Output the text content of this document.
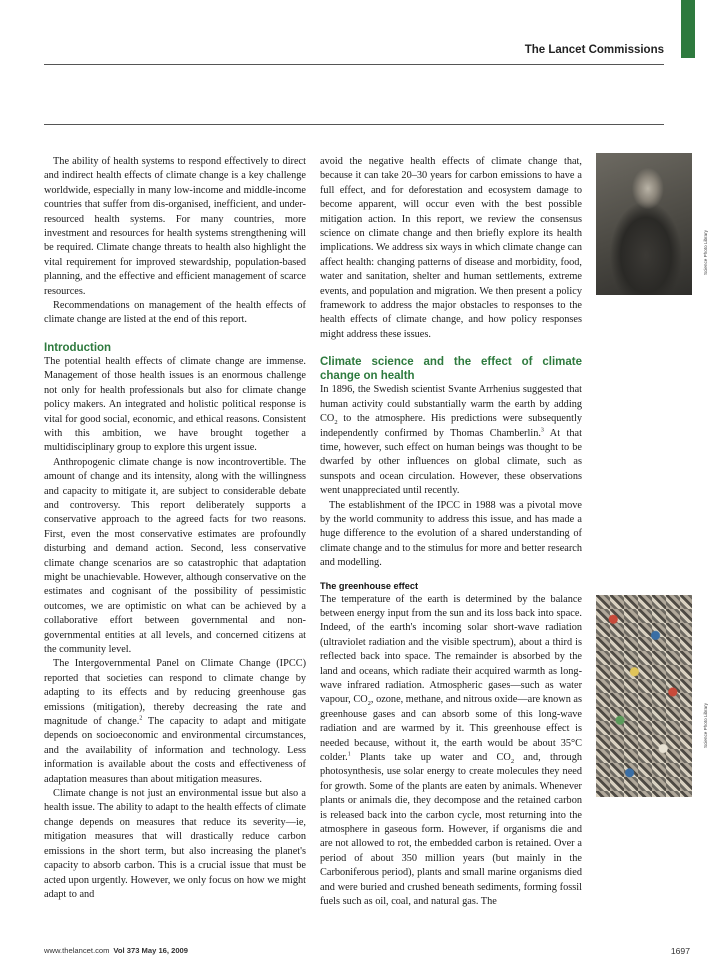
The Lancet Commissions

The ability of health systems to respond effectively to direct and indirect health effects of climate change is a key challenge worldwide, especially in many low-income and middle-income countries that suffer from dis-organised, inefficient, and under-resourced health systems. For many countries, more investment and resources for health systems strengthening will be required. Climate change threats to health also highlight the vital requirement for improved stewardship, population-based planning, and the effective and efficient management of scarce resources.

Recommendations on management of the health effects of climate change are listed at the end of this report.

Introduction

The potential health effects of climate change are immense. Management of those health issues is an enormous challenge not only for health professionals but also for climate change policy makers. An integrated and holistic political response is vital for good social, economic, and ethical reasons. Consistent with this ambition, we have brought together a multidisciplinary group to explore this urgent issue.

Anthropogenic climate change is now incontrovertible. The amount of change and its intensity, along with the willingness and capacity to mitigate it, are subject to considerable debate and controversy. This report deliberately supports a conservative approach to the agreed facts for two reasons. First, even the most conservative estimates are profoundly disturbing and demand action. Second, less conservative climate change scenarios are so catastrophic that adaptation might be unachievable. However, although conservative on the estimates and cognisant of the possibility of pessimistic outcomes, we are optimistic on what can be achieved by a collaborative effort between governmental and non-governmental entities at all levels, and concerned citizens at the community level.

The Intergovernmental Panel on Climate Change (IPCC) reported that societies can respond to climate change by adapting to its effects and by reducing greenhouse gas emissions (mitigation), thereby decreasing the rate and magnitude of change.$^2$ The capacity to adapt and mitigate depends on socioeconomic and environmental circumstances, and the availability of information and technology. Less information is available about the costs and effectiveness of adaptation measures than about mitigation measures.

Climate change is not just an environmental issue but also a health issue. The ability to adapt to the health effects of climate change depends on measures that reduce its severity—ie, mitigation measures that will drastically reduce carbon emissions in the short term, but also increasing the planet's capacity to absorb carbon. This is a crucial issue that must be acted upon urgently. However, we only focus on how we might adapt to and

avoid the negative health effects of climate change that, because it can take 20–30 years for carbon emissions to have a full effect, and for deforestation and ecosystem damage to become apparent, will occur even with the best possible mitigation action. In this report, we review the consensus science on climate change and then briefly explore its health implications. We address six ways in which climate change can affect health: changing patterns of disease and morbidity, food, water and sanitation, shelter and human settlements, extreme events, and population and migration. We then present a policy framework to address the major obstacles to responses to the health effects of climate change, and how policy responses might address these issues.

Climate science and the effect of climate change on health

In 1896, the Swedish scientist Svante Arrhenius suggested that human activity could substantially warm the earth by adding $CO_2$ to the atmosphere. His predictions were subsequently independently confirmed by Thomas Chamberlin.$^3$ At that time, however, such effect on human beings was thought to be dwarfed by other influences on global climate, such as sunspots and ocean circulation. However, these observations went unappreciated until recently.

The establishment of the IPCC in 1988 was a pivotal move by the world community to address this issue, and has made a huge difference to the evolution of a shared understanding of climate change and to the stimulus for more and better research and modelling.

The greenhouse effect

The temperature of the earth is determined by the balance between energy input from the sun and its loss back into space. Indeed, of the earth's incoming solar short-wave radiation (ultraviolet radiation and the visible spectrum), about a third is reflected back into space. The remainder is absorbed by the land and oceans, which radiate their acquired warmth as long-wave infrared radiation. Atmospheric gases—such as water vapour, $CO_2$, ozone, methane, and nitrous oxide—are known as greenhouse gases and can absorb some of this long-wave radiation and are warmed by it. This greenhouse effect is needed because, without it, the earth would be about 35°C colder.$^1$ Plants take up water and $CO_2$ and, through photosynthesis, use solar energy to create molecules they need for growth. Some of the plants are eaten by animals. Whenever plants or animals die, they decompose and the retained carbon is released back into the carbon cycle, most returning into the atmosphere in gaseous form. However, if organisms die and are not allowed to rot, the embedded carbon is retained. Over a period of about 350 million years (but mainly in the Carboniferous period), plants and small marine organisms died and were buried and crushed beneath sediments, forming fossil fuels such as oil, coal, and natural gas. The

Science Photo Library
Science Photo Library
www.thelancet.com Vol 373 May 16, 2009	1697
